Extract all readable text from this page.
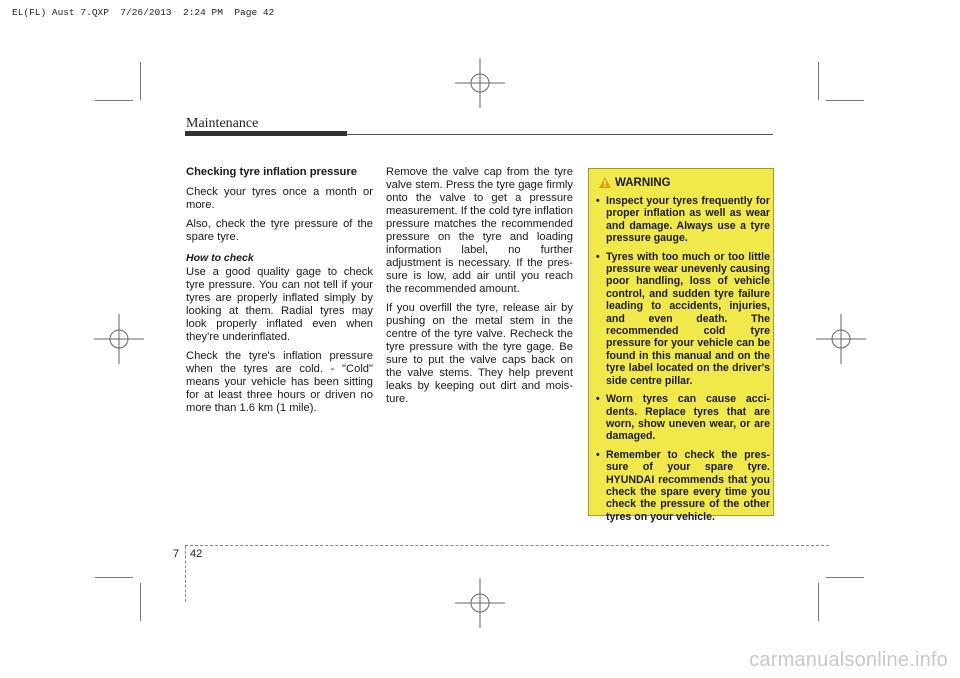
EL(FL) Aust 7.QXP  7/26/2013  2:24 PM  Page 42
Maintenance
Checking tyre inflation pressure

Check your tyres once a month or more.

Also, check the tyre pressure of the spare tyre.

How to check

Use a good quality gage to check tyre pressure. You can not tell if your tyres are properly inflated simply by looking at them. Radial tyres may look properly inflated even when they're underinflated.

Check the tyre's inflation pressure when the tyres are cold. - "Cold" means your vehicle has been sitting for at least three hours or driven no more than 1.6 km (1 mile).

Remove the valve cap from the tyre valve stem. Press the tyre gage firmly onto the valve to get a pressure measurement. If the cold tyre inflation pressure matches the recommended pressure on the tyre and loading information label, no further adjustment is necessary. If the pressure is low, add air until you reach the recommended amount.

If you overfill the tyre, release air by pushing on the metal stem in the centre of the tyre valve. Recheck the tyre pressure with the tyre gage. Be sure to put the valve caps back on the valve stems. They help prevent leaks by keeping out dirt and moisture.

WARNING
• Inspect your tyres frequently for proper inflation as well as wear and damage. Always use a tyre pressure gauge.
• Tyres with too much or too little pressure wear unevenly causing poor handling, loss of vehicle control, and sudden tyre failure leading to accidents, injuries, and even death. The recommended cold tyre pressure for your vehicle can be found in this manual and on the tyre label located on the driver's side centre pillar.
• Worn tyres can cause accidents. Replace tyres that are worn, show uneven wear, or are damaged.
• Remember to check the pressure of your spare tyre. HYUNDAI recommends that you check the spare every time you check the pressure of the other tyres on your vehicle.
7 42
carmanualsonline.info
